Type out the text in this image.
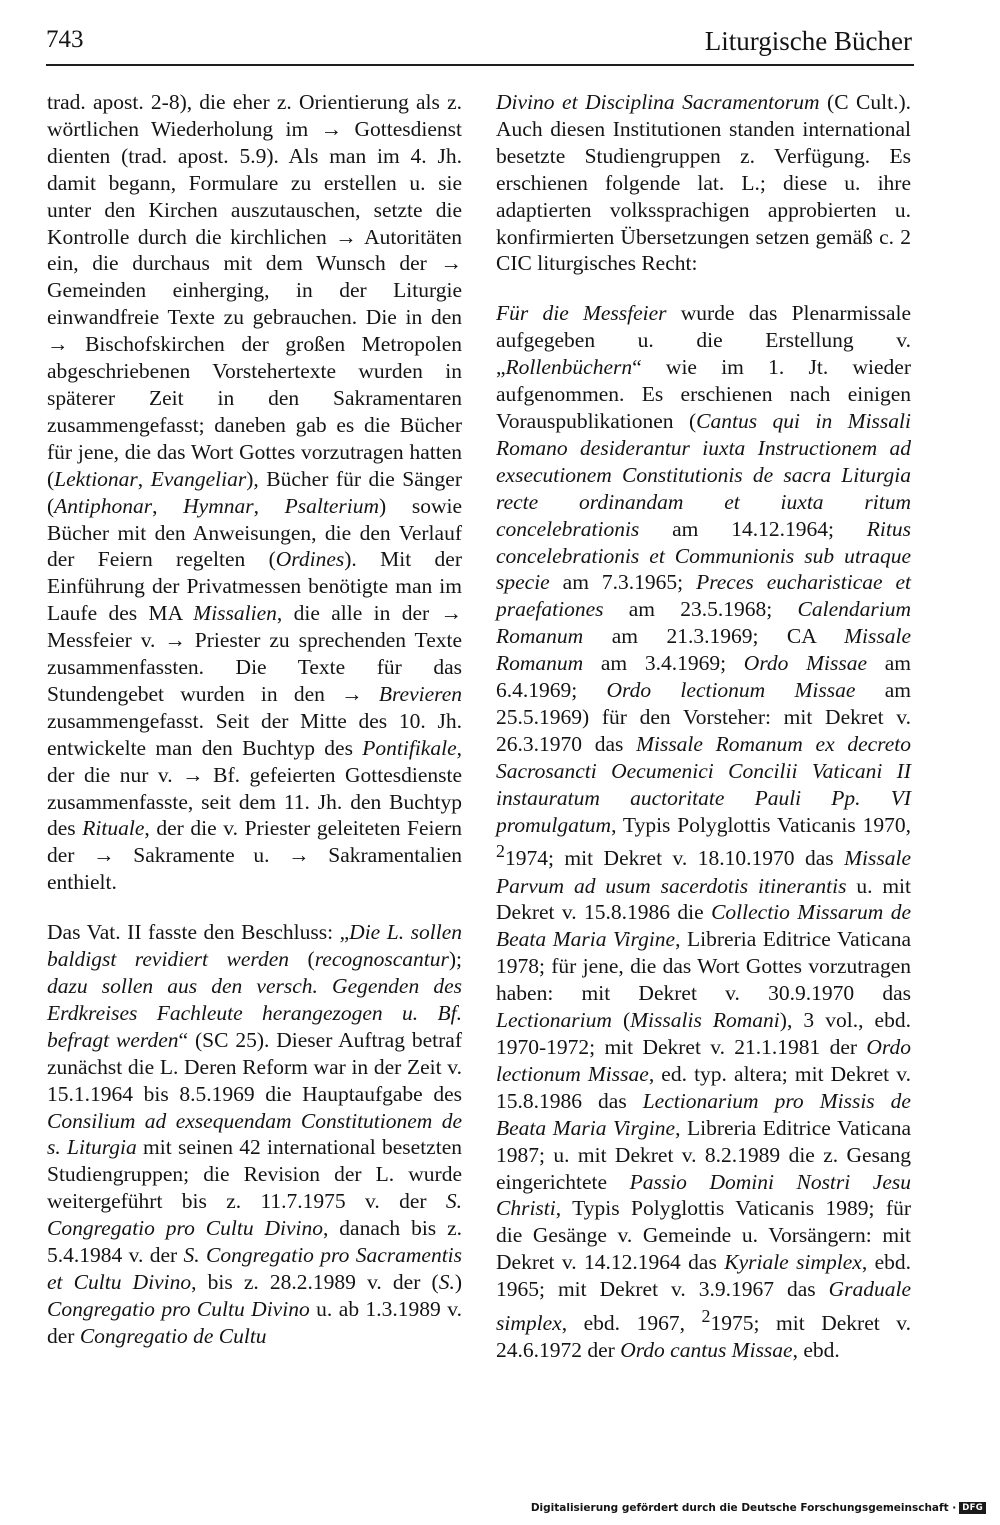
743	Liturgische Bücher

trad. apost. 2-8), die eher z. Orientierung als z. wörtlichen Wiederholung im → Gottesdienst dienten (trad. apost. 5.9). Als man im 4. Jh. damit begann, Formulare zu erstellen u. sie unter den Kirchen auszutauschen, setzte die Kontrolle durch die kirchlichen → Autoritäten ein, die durchaus mit dem Wunsch der → Gemeinden einherging, in der Liturgie einwandfreie Texte zu gebrauchen. Die in den → Bischofskirchen der großen Metropolen abgeschriebenen Vorstehertexte wurden in späterer Zeit in den Sakramentaren zusammengefasst; daneben gab es die Bücher für jene, die das Wort Gottes vorzutragen hatten (Lektionar, Evangeliar), Bücher für die Sänger (Antiphonar, Hymnar, Psalterium) sowie Bücher mit den Anweisungen, die den Verlauf der Feiern regelten (Ordines). Mit der Einführung der Privatmessen benötigte man im Laufe des MA Missalien, die alle in der → Messfeier v. → Priester zu sprechenden Texte zusammenfassten. Die Texte für das Stundengebet wurden in den → Brevieren zusammengefasst. Seit der Mitte des 10. Jh. entwickelte man den Buchtyp des Pontifikale, der die nur v. → Bf. gefeierten Gottesdienste zusammenfasste, seit dem 11. Jh. den Buchtyp des Rituale, der die v. Priester geleiteten Feiern der → Sakramente u. → Sakramentalien enthielt.

Das Vat. II fasste den Beschluss: „Die L. sollen baldigst revidiert werden (recognoscantur); dazu sollen aus den versch. Gegenden des Erdkreises Fachleute herangezogen u. Bf. befragt werden“ (SC 25). Dieser Auftrag betraf zunächst die L. Deren Reform war in der Zeit v. 15.1.1964 bis 8.5.1969 die Hauptaufgabe des Consilium ad exsequendam Constitutionem de s. Liturgia mit seinen 42 international besetzten Studiengruppen; die Revision der L. wurde weitergeführt bis z. 11.7.1975 v. der S. Congregatio pro Cultu Divino, danach bis z. 5.4.1984 v. der S. Congregatio pro Sacramentis et Cultu Divino, bis z. 28.2.1989 v. der (S.) Congregatio pro Cultu Divino u. ab 1.3.1989 v. der Congregatio de Cultu

Divino et Disciplina Sacramentorum (C Cult.). Auch diesen Institutionen standen international besetzte Studiengruppen z. Verfügung. Es erschienen folgende lat. L.; diese u. ihre adaptierten volkssprachigen approbierten u. konfirmierten Übersetzungen setzen gemäß c. 2 CIC liturgisches Recht:

Für die Messfeier wurde das Plenarmissale aufgegeben u. die Erstellung v. „Rollenbüchern“ wie im 1. Jt. wieder aufgenommen. Es erschienen nach einigen Vorauspublikationen (Cantus qui in Missali Romano desiderantur iuxta Instructionem ad exsecutionem Constitutionis de sacra Liturgia recte ordinandam et iuxta ritum concelebrationis am 14.12.1964; Ritus concelebrationis et Communionis sub utraque specie am 7.3.1965; Preces eucharisticae et praefationes am 23.5.1968; Calendarium Romanum am 21.3.1969; CA Missale Romanum am 3.4.1969; Ordo Missae am 6.4.1969; Ordo lectionum Missae am 25.5.1969) für den Vorsteher: mit Dekret v. 26.3.1970 das Missale Romanum ex decreto Sacrosancti Oecumenici Concilii Vaticani II instauratum auctoritate Pauli Pp. VI promulgatum, Typis Polyglottis Vaticanis 1970, $^2$1974; mit Dekret v. 18.10.1970 das Missale Parvum ad usum sacerdotis itinerantis u. mit Dekret v. 15.8.1986 die Collectio Missarum de Beata Maria Virgine, Libreria Editrice Vaticana 1978; für jene, die das Wort Gottes vorzutragen haben: mit Dekret v. 30.9.1970 das Lectionarium (Missalis Romani), 3 vol., ebd. 1970-1972; mit Dekret v. 21.1.1981 der Ordo lectionum Missae, ed. typ. altera; mit Dekret v. 15.8.1986 das Lectionarium pro Missis de Beata Maria Virgine, Libreria Editrice Vaticana 1987; u. mit Dekret v. 8.2.1989 die z. Gesang eingerichtete Passio Domini Nostri Jesu Christi, Typis Polyglottis Vaticanis 1989; für die Gesänge v. Gemeinde u. Vorsängern: mit Dekret v. 14.12.1964 das Kyriale simplex, ebd. 1965; mit Dekret v. 3.9.1967 das Graduale simplex, ebd. 1967, $^2$1975; mit Dekret v. 24.6.1972 der Ordo cantus Missae, ebd.

Digitalisierung gefördert durch die Deutsche Forschungsgemeinschaft · DFG
